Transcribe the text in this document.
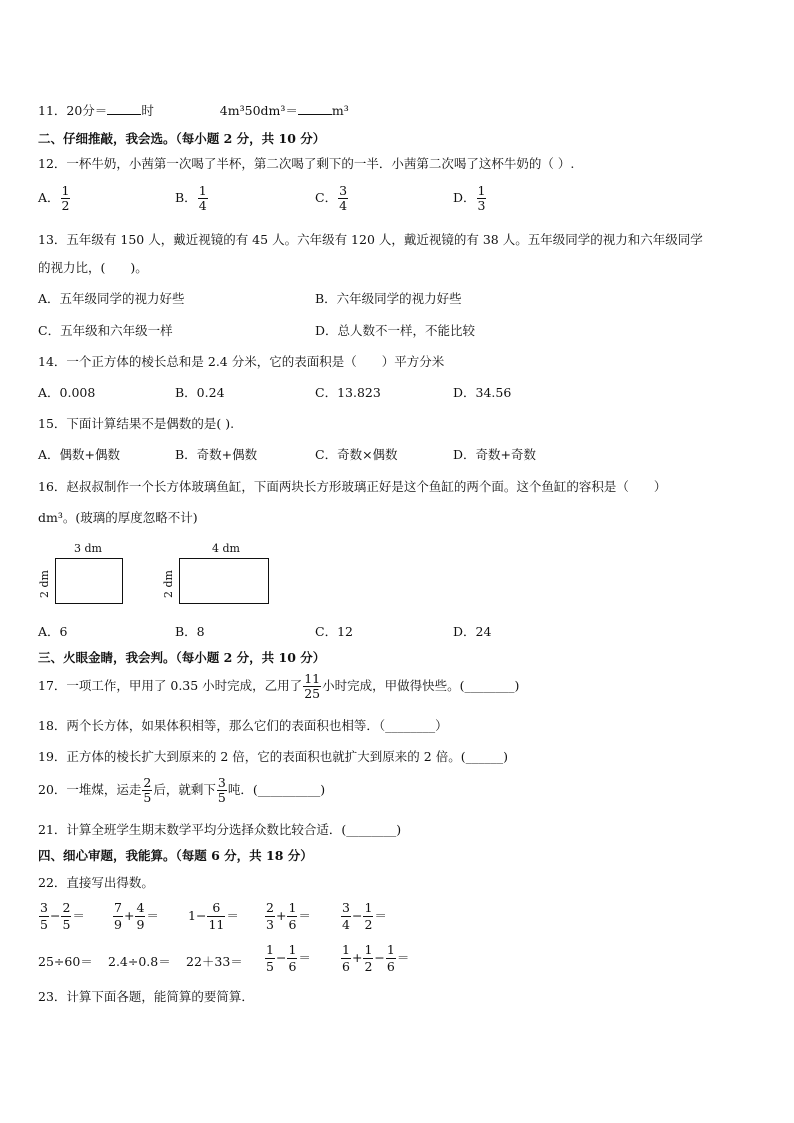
11．20分＝	时	4m³50dm³＝	m³
二、仔细推敲，我会选。（每小题 2 分，共 10 分）
12．一杯牛奶，小茜第一次喝了半杯，第二次喝了剩下的一半．小茜第二次喝了这杯牛奶的（ ）.
A． $\frac{1}{2}$	B． $\frac{1}{4}$	C． $\frac{3}{4}$	D． $\frac{1}{3}$
13．五年级有 150 人，戴近视镜的有 45 人。六年级有 120 人，戴近视镜的有 38 人。五年级同学的视力和六年级同学
的视力比，(　　)。
A．五年级同学的视力好些	B．六年级同学的视力好些
C．五年级和六年级一样	D．总人数不一样，不能比较
14．一个正方体的棱长总和是 2.4 分米，它的表面积是（　　）平方分米
A．0.008	B．0.24	C．13.823	D．34.56
15．下面计算结果不是偶数的是( ).
A．偶数+偶数	B．奇数+偶数	C．奇数×偶数	D．奇数+奇数
16．赵叔叔制作一个长方体玻璃鱼缸，下面两块长方形玻璃正好是这个鱼缸的两个面。这个鱼缸的容积是（　　）
dm³。(玻璃的厚度忽略不计)
3 dm
2 dm
4 dm
2 dm
A．6	B．8	C．12	D．24
三、火眼金睛，我会判。（每小题 2 分，共 10 分）
17．一项工作，甲用了 0.35 小时完成，乙用了 $\frac{11}{25}$ 小时完成，甲做得快些。(________)
18．两个长方体，如果体积相等，那么它们的表面积也相等．（________）
19．正方体的棱长扩大到原来的 2 倍，它的表面积也就扩大到原来的 2 倍。(______)
20．一堆煤，运走 $\frac{2}{5}$ 后，就剩下 $\frac{3}{5}$ 吨．(__________)
21．计算全班学生期末数学平均分选择众数比较合适．(________)
四、细心审题，我能算。（每题 6 分，共 18 分）
22．直接写出得数。
$\frac{3}{5} - \frac{2}{5} = \frac{7}{9} + \frac{4}{9} = 1- \frac{6}{11} = \frac{2}{3} + \frac{1}{6} = \frac{3}{4} - \frac{1}{2}$ ＝
$25\div 60= 2.4\div 0.8= 22+33= \frac{1}{5} - \frac{1}{6} = \frac{1}{6} + \frac{1}{2} - \frac{1}{6}$ ＝
23．计算下面各题，能简算的要简算．
